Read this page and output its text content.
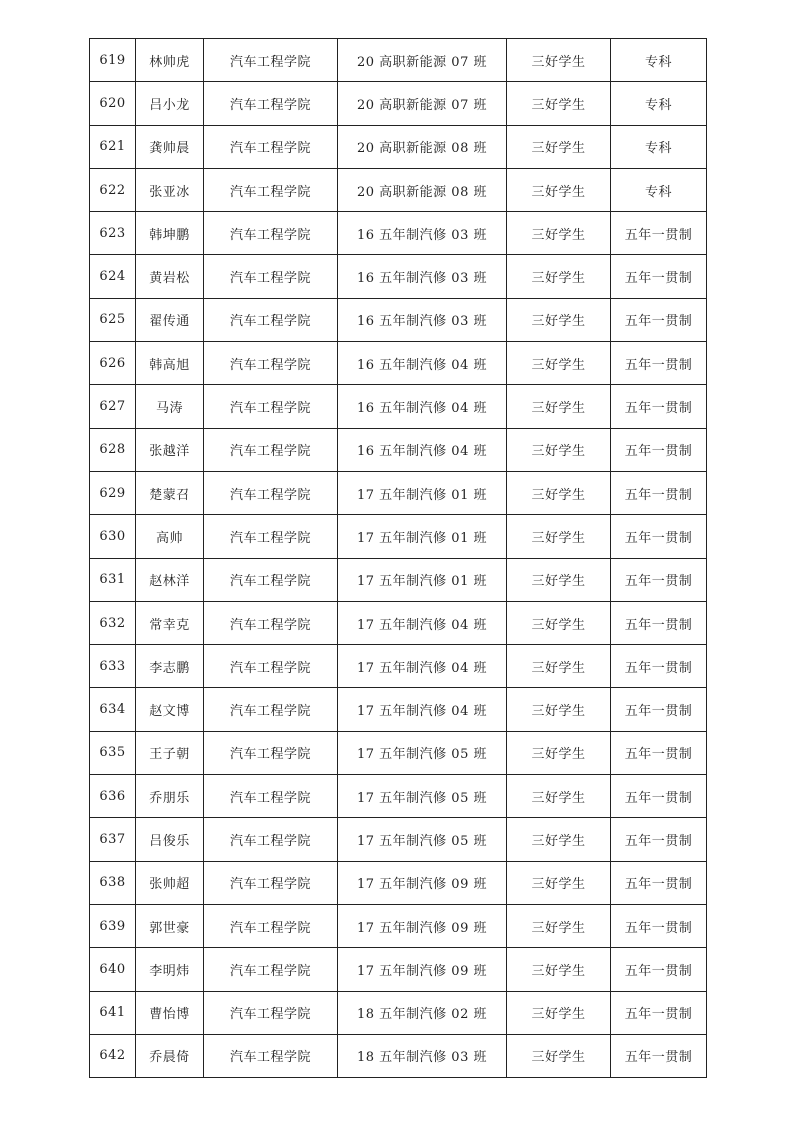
619	林帅虎	汽车工程学院	20 高职新能源 07 班	三好学生	专科
620	吕小龙	汽车工程学院	20 高职新能源 07 班	三好学生	专科
621	龚帅晨	汽车工程学院	20 高职新能源 08 班	三好学生	专科
622	张亚冰	汽车工程学院	20 高职新能源 08 班	三好学生	专科
623	韩坤鹏	汽车工程学院	16 五年制汽修 03 班	三好学生	五年一贯制
624	黄岩松	汽车工程学院	16 五年制汽修 03 班	三好学生	五年一贯制
625	翟传通	汽车工程学院	16 五年制汽修 03 班	三好学生	五年一贯制
626	韩高旭	汽车工程学院	16 五年制汽修 04 班	三好学生	五年一贯制
627	马涛	汽车工程学院	16 五年制汽修 04 班	三好学生	五年一贯制
628	张越洋	汽车工程学院	16 五年制汽修 04 班	三好学生	五年一贯制
629	楚蒙召	汽车工程学院	17 五年制汽修 01 班	三好学生	五年一贯制
630	高帅	汽车工程学院	17 五年制汽修 01 班	三好学生	五年一贯制
631	赵林洋	汽车工程学院	17 五年制汽修 01 班	三好学生	五年一贯制
632	常幸克	汽车工程学院	17 五年制汽修 04 班	三好学生	五年一贯制
633	李志鹏	汽车工程学院	17 五年制汽修 04 班	三好学生	五年一贯制
634	赵文博	汽车工程学院	17 五年制汽修 04 班	三好学生	五年一贯制
635	王子朝	汽车工程学院	17 五年制汽修 05 班	三好学生	五年一贯制
636	乔朋乐	汽车工程学院	17 五年制汽修 05 班	三好学生	五年一贯制
637	吕俊乐	汽车工程学院	17 五年制汽修 05 班	三好学生	五年一贯制
638	张帅超	汽车工程学院	17 五年制汽修 09 班	三好学生	五年一贯制
639	郭世豪	汽车工程学院	17 五年制汽修 09 班	三好学生	五年一贯制
640	李明炜	汽车工程学院	17 五年制汽修 09 班	三好学生	五年一贯制
641	曹怡博	汽车工程学院	18 五年制汽修 02 班	三好学生	五年一贯制
642	乔晨倚	汽车工程学院	18 五年制汽修 03 班	三好学生	五年一贯制
